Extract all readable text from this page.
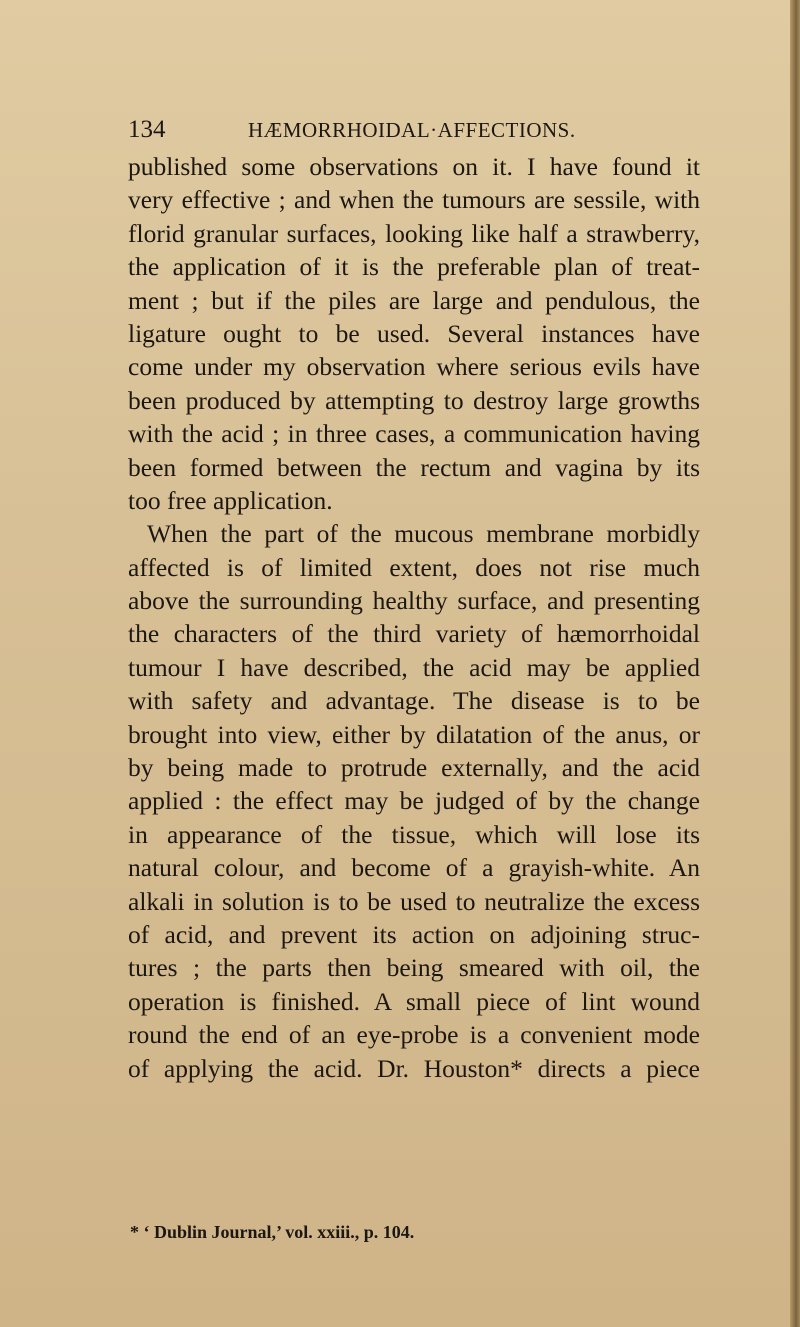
134	HÆMORRHOIDAL·AFFECTIONS.
published some observations on it. I have found it
very effective ; and when the tumours are sessile, with
florid granular surfaces, looking like half a strawberry,
the application of it is the preferable plan of treat-
ment ; but if the piles are large and pendulous, the
ligature ought to be used. Several instances have
come under my observation where serious evils have
been produced by attempting to destroy large growths
with the acid ; in three cases, a communication having
been formed between the rectum and vagina by its
too free application.
When the part of the mucous membrane morbidly
affected is of limited extent, does not rise much
above the surrounding healthy surface, and presenting
the characters of the third variety of hæmorrhoidal
tumour I have described, the acid may be applied
with safety and advantage. The disease is to be
brought into view, either by dilatation of the anus, or
by being made to protrude externally, and the acid
applied : the effect may be judged of by the change
in appearance of the tissue, which will lose its
natural colour, and become of a grayish-white. An
alkali in solution is to be used to neutralize the excess
of acid, and prevent its action on adjoining struc-
tures ; the parts then being smeared with oil, the
operation is finished. A small piece of lint wound
round the end of an eye-probe is a convenient mode
of applying the acid. Dr. Houston* directs a piece
* ‘ Dublin Journal,’ vol. xxiii., p. 104.
